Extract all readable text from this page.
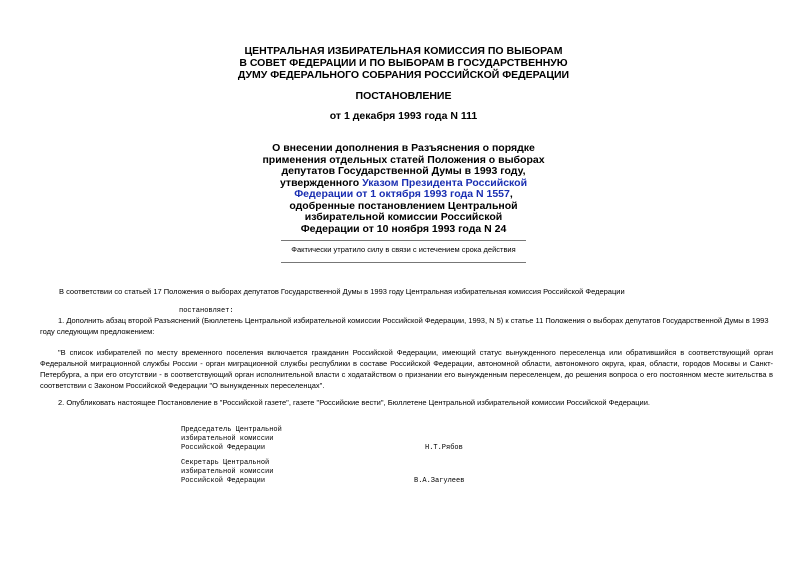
ЦЕНТРАЛЬНАЯ ИЗБИРАТЕЛЬНАЯ КОМИССИЯ ПО ВЫБОРАМ
В СОВЕТ ФЕДЕРАЦИИ И ПО ВЫБОРАМ В ГОСУДАРСТВЕННУЮ
ДУМУ ФЕДЕРАЛЬНОГО СОБРАНИЯ РОССИЙСКОЙ ФЕДЕРАЦИИ
ПОСТАНОВЛЕНИЕ
от 1 декабря 1993 года N 111
О внесении дополнения в Разъяснения о порядке
применения отдельных статей Положения о выборах
депутатов Государственной Думы в 1993 году,
утвержденного Указом Президента Российской
Федерации от 1 октября 1993 года N 1557,
одобренные постановлением Центральной
избирательной комиссии Российской
Федерации от 10 ноября 1993 года N 24
Фактически утратило силу в связи с истечением срока действия
В соответствии со статьей 17 Положения о выборах депутатов Государственной Думы в 1993 году Центральная избирательная комиссия Российской Федерации
постановляет:
1. Дополнить абзац второй Разъяснений (Бюллетень Центральной избирательной комиссии Российской Федерации, 1993, N 5) к статье 11 Положения о выборах депутатов Государственной Думы в 1993 году следующим предложением:
"В список избирателей по месту временного поселения включается гражданин Российской Федерации, имеющий статус вынужденного переселенца или обратившийся в соответствующий орган Федеральной миграционной службы России - орган миграционной службы республики в составе Российской Федерации, автономной области, автономного округа, края, области, городов Москвы и Санкт-Петербурга, а при его отсутствии - в соответствующий орган исполнительной власти с ходатайством о признании его вынужденным переселенцем, до решения вопроса о его постоянном месте жительства в соответствии с Законом Российской Федерации "О вынужденных переселенцах".
2. Опубликовать настоящее Постановление в "Российской газете", газете "Российские вести", Бюллетене Центральной избирательной комиссии Российской Федерации.
Председатель Центральной
избирательной комиссии
Российской Федерации	Н.Т.Рябов
Секретарь Центральной
избирательной комиссии
Российской Федерации	В.А.Загулеев
